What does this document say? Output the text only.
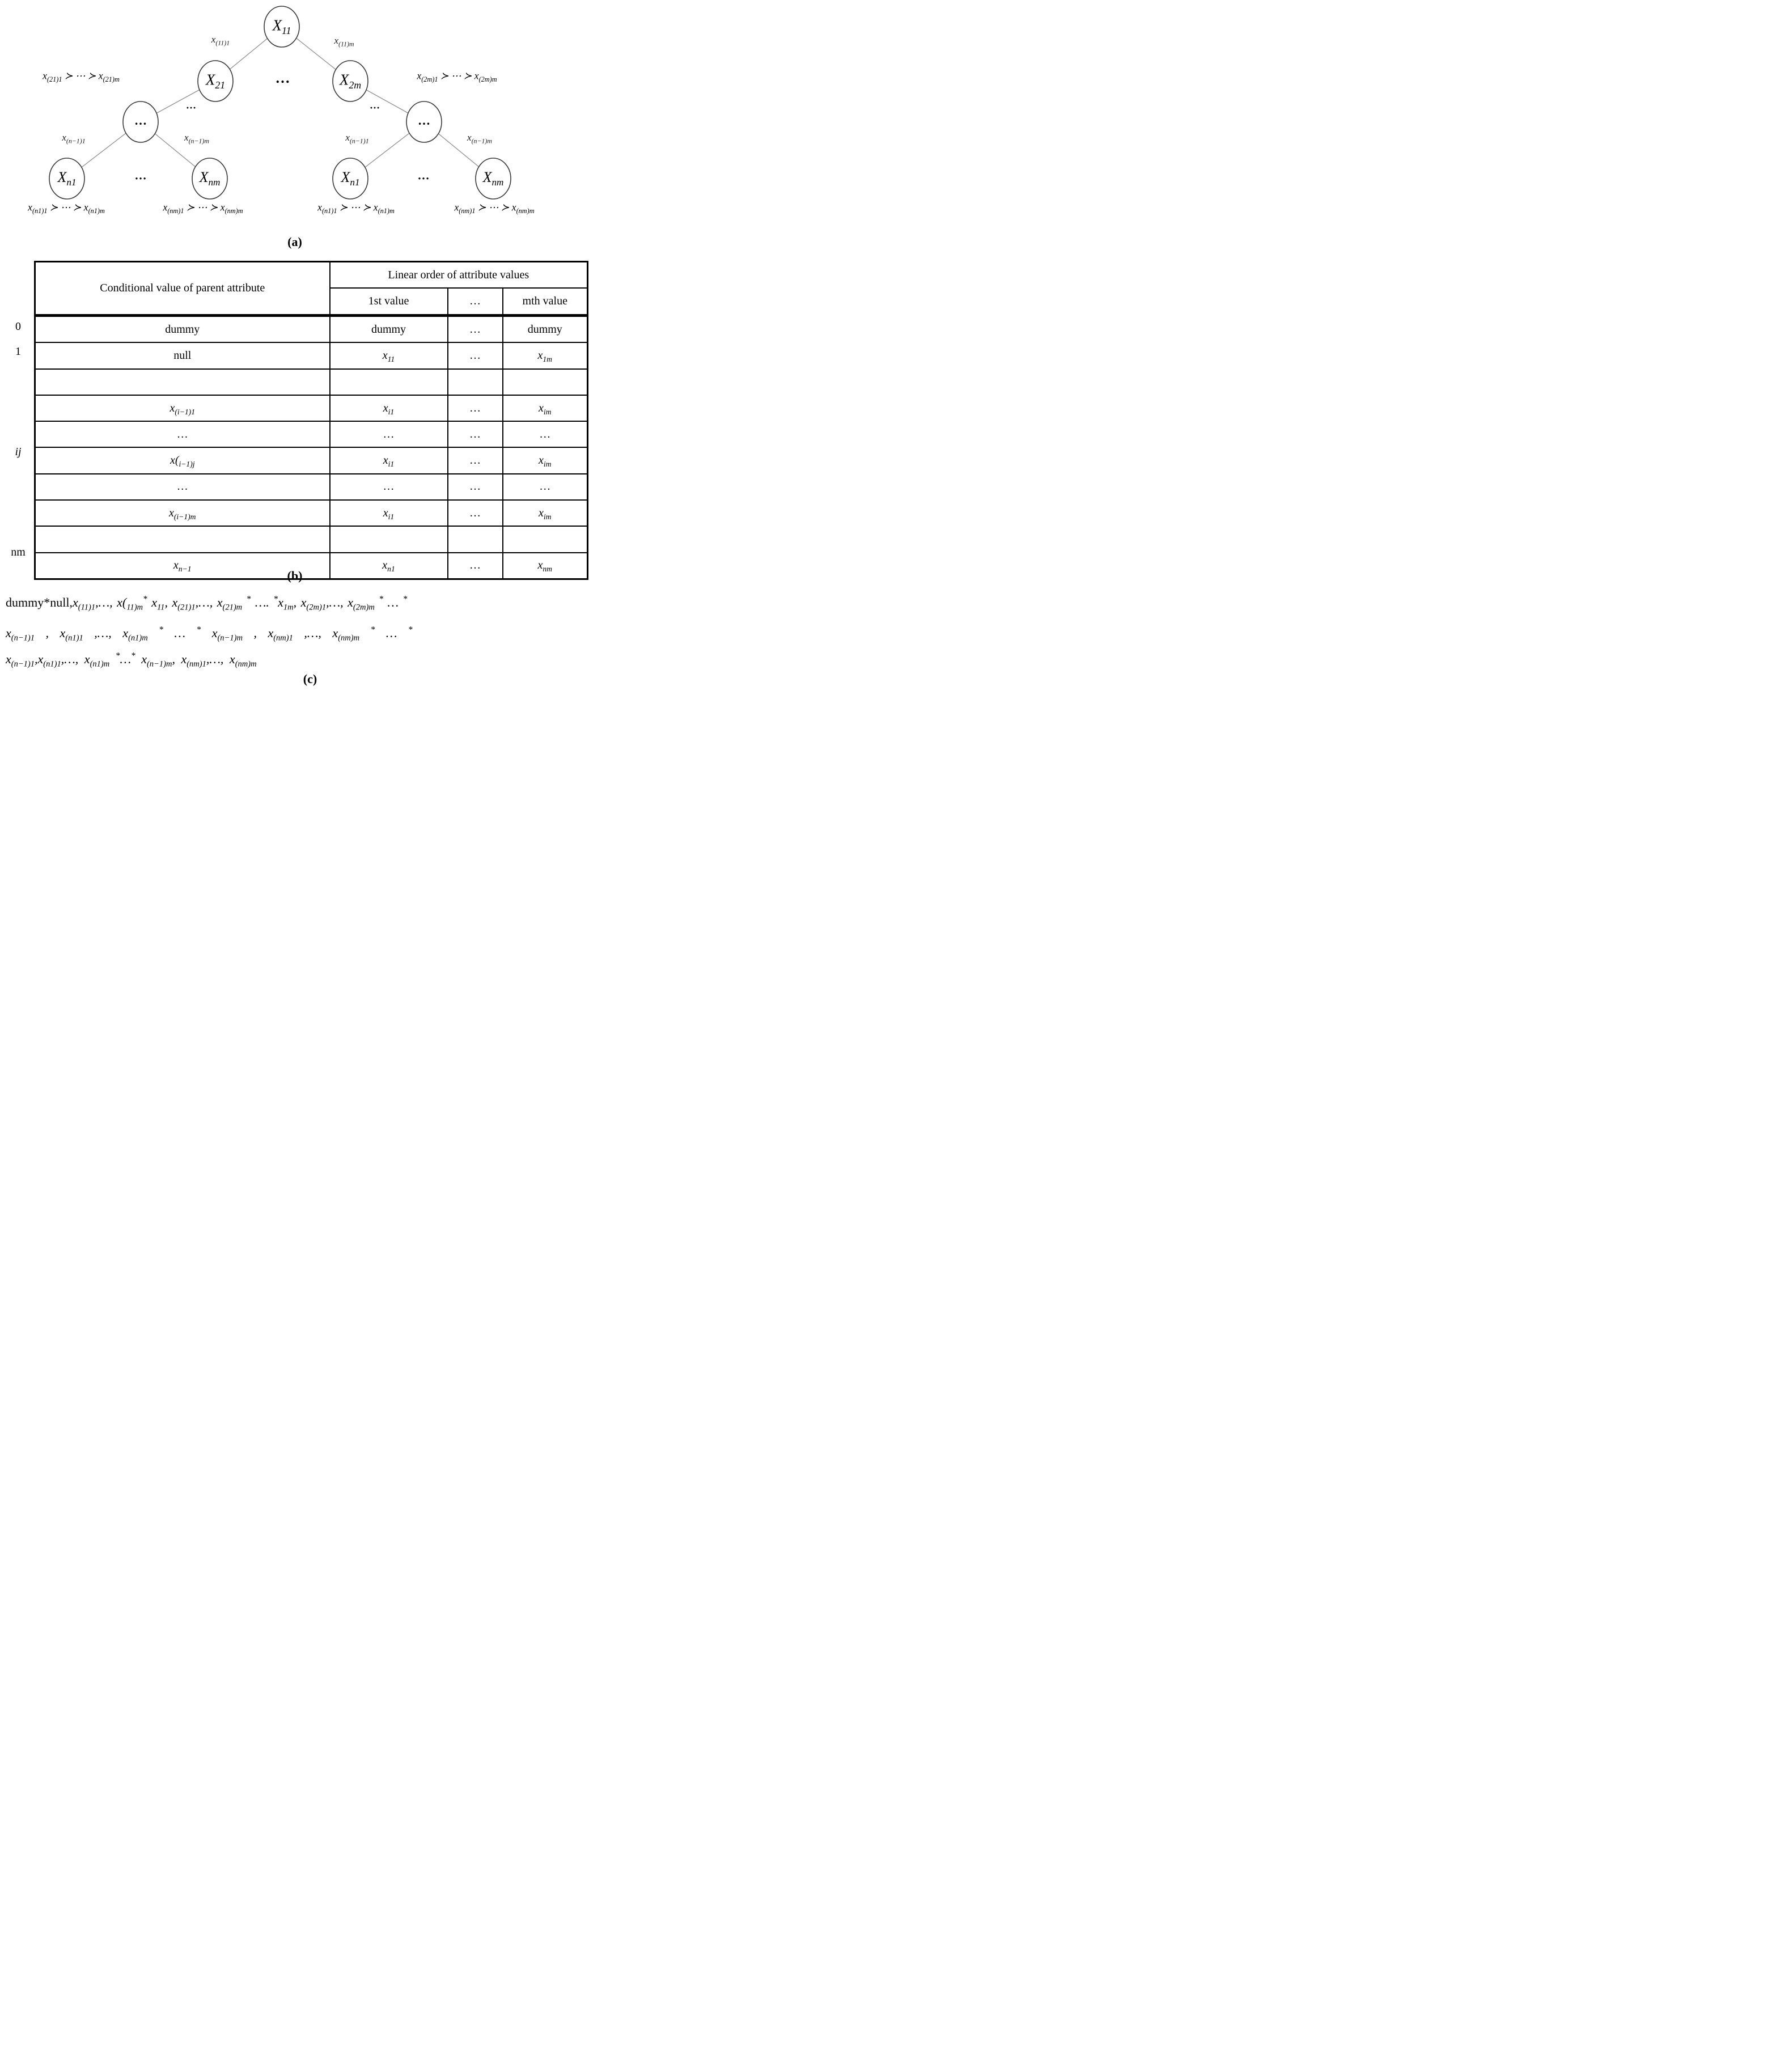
$X_{11}$
$X_{21}$	$X_{2m}$
…
$x_{(11)1}$	$x_{(11)m}$
$x_{(21)1}$ ≻ ⋯ ≻ $x_{(21)m}$	$x_{(2m)1}$ ≻ ⋯ ≻ $x_{(2m)m}$
…	…
…	…
$x_{(n-1)1}$	$x_{(n-1)m}$	$x_{(n-1)1}$	$x_{(n-1)m}$
$X_{n1}$	$X_{nm}$	$X_{n1}$	$X_{nm}$
…	…
$x_{(n1)1}$ ≻ ⋯ ≻ $x_{(n1)m}$	$x_{(nm)1}$ ≻ ⋯ ≻ $x_{(nm)m}$	$x_{(n1)1}$ ≻ ⋯ ≻ $x_{(n1)m}$	$x_{(nm)1}$ ≻ ⋯ ≻ $x_{(nm)m}$
(a)
0
1
ij
nm
Conditional value of parent attribute	Linear order of attribute values		
	1st value	…	mth value
dummy	dummy	…	dummy
null	$x_{11}$	…	$x_{1m}$

$x_{(i-1)1}$	$x_{i1}$	…	$x_{im}$
…	…	…	…
$x(_{i-1)j}$	$x_{i1}$	…	$x_{im}$
…	…	…	…
$x_{(i-1)m}$	$x_{i1}$	…	$x_{im}$

$x_{n-1}$	$x_{n1}$	…	$x_{nm}$
(b)
$dummy*null,x_{(11)1},\dots$, $x(_{11)m}^*$ $x_{11}$, $x_{(21)1},\dots$, $x_{(21)m}$ * …. $^*x_{1m}$, $x_{(2m)1},\dots$, $x_{(2m)m}$ * … *
$x_{(n-1)1}$ , $x_{(n1)1}$ ,…, $x_{(n1)m}$ * … * $x_{(n-1)m}$ , $x_{(nm)1}$ ,…, $x_{(nm)m}$ * … *
$x_{(n-1)1},x_{(n1)1},\dots$, $x_{(n1)m}$ *…* $x_{(n-1)m}$, $x_{(nm)1},\dots$, $x_{(nm)m}$
(c)
